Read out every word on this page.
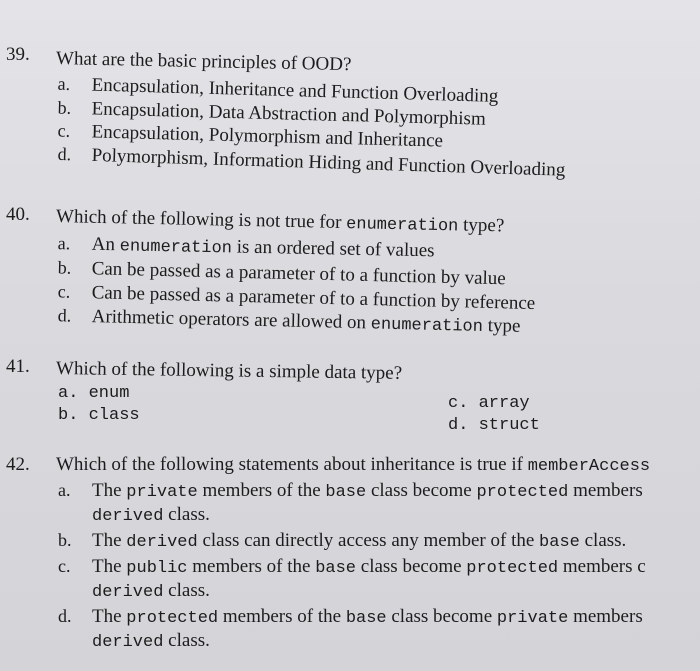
39. What are the basic principles of OOD?
a. Encapsulation, Inheritance and Function Overloading
b. Encapsulation, Data Abstraction and Polymorphism
c. Encapsulation, Polymorphism and Inheritance
d. Polymorphism, Information Hiding and Function Overloading
40. Which of the following is not true for enumeration type?
a. An enumeration is an ordered set of values
b. Can be passed as a parameter of to a function by value
c. Can be passed as a parameter of to a function by reference
d. Arithmetic operators are allowed on enumeration type
41. Which of the following is a simple data type?
a. enum
b. class
c. array
d. struct
42. Which of the following statements about inheritance is true if memberAccess
a. The private members of the base class become protected members
derived class.
b. The derived class can directly access any member of the base class.
c. The public members of the base class become protected members c
derived class.
d. The protected members of the base class become private members
derived class.
